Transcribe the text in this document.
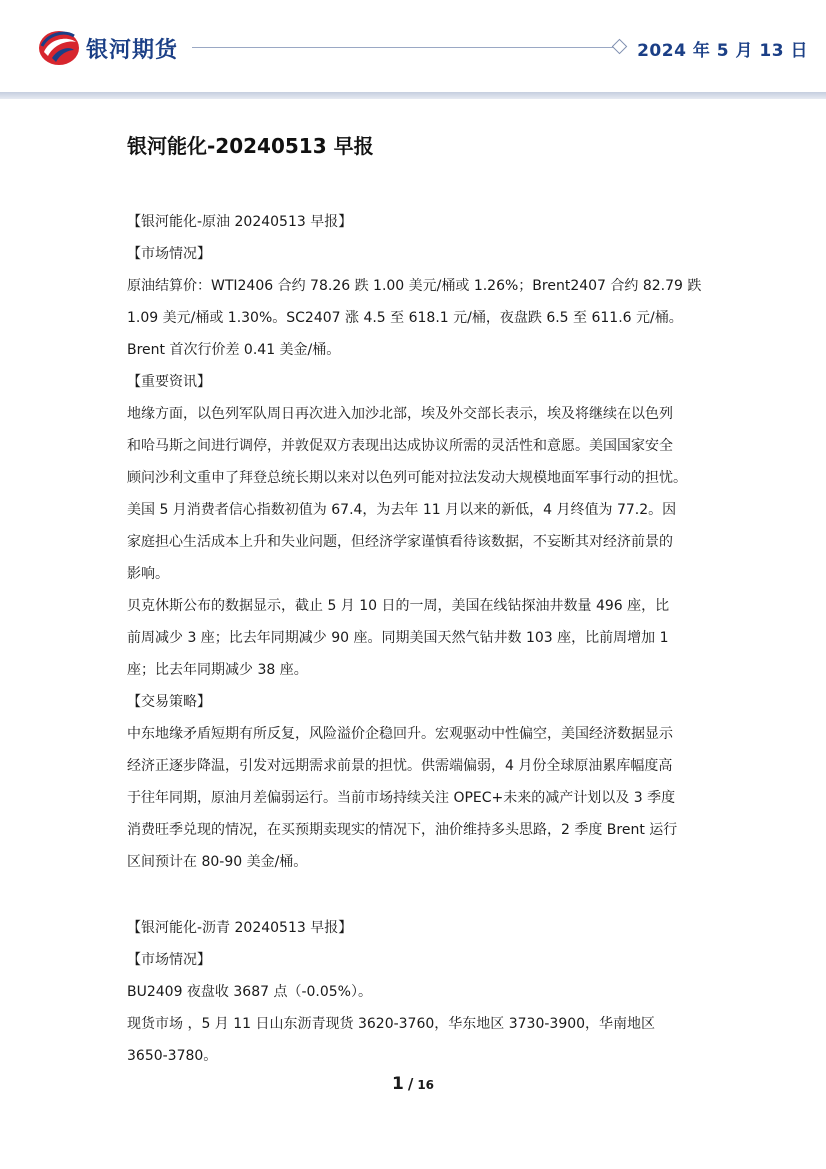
银河期货	2024 年 5 月 13 日
银河能化-20240513 早报

【银河能化-原油 20240513 早报】

【市场情况】

原油结算价：WTI2406 合约 78.26 跌 1.00 美元/桶或 1.26%；Brent2407 合约 82.79 跌
1.09 美元/桶或 1.30%。SC2407 涨 4.5 至 618.1 元/桶，夜盘跌 6.5 至 611.6 元/桶。
Brent 首次行价差 0.41 美金/桶。

【重要资讯】

地缘方面，以色列军队周日再次进入加沙北部，埃及外交部长表示，埃及将继续在以色列
和哈马斯之间进行调停，并敦促双方表现出达成协议所需的灵活性和意愿。美国国家安全
顾问沙利文重申了拜登总统长期以来对以色列可能对拉法发动大规模地面军事行动的担忧。
美国 5 月消费者信心指数初值为 67.4，为去年 11 月以来的新低，4 月终值为 77.2。因
家庭担心生活成本上升和失业问题，但经济学家谨慎看待该数据，不妄断其对经济前景的
影响。
贝克休斯公布的数据显示，截止 5 月 10 日的一周，美国在线钻探油井数量 496 座，比
前周减少 3 座；比去年同期减少 90 座。同期美国天然气钻井数 103 座，比前周增加 1
座；比去年同期减少 38 座。

【交易策略】

中东地缘矛盾短期有所反复，风险溢价企稳回升。宏观驱动中性偏空，美国经济数据显示
经济正逐步降温，引发对远期需求前景的担忧。供需端偏弱，4 月份全球原油累库幅度高
于往年同期，原油月差偏弱运行。当前市场持续关注 OPEC+未来的减产计划以及 3 季度
消费旺季兑现的情况，在买预期卖现实的情况下，油价维持多头思路，2 季度 Brent 运行
区间预计在 80-90 美金/桶。

【银河能化-沥青 20240513 早报】

【市场情况】

BU2409 夜盘收 3687 点（-0.05%）。
现货市场 ，5 月 11 日山东沥青现货 3620-3760，华东地区 3730-3900，华南地区
3650-3780。
1 / 16
